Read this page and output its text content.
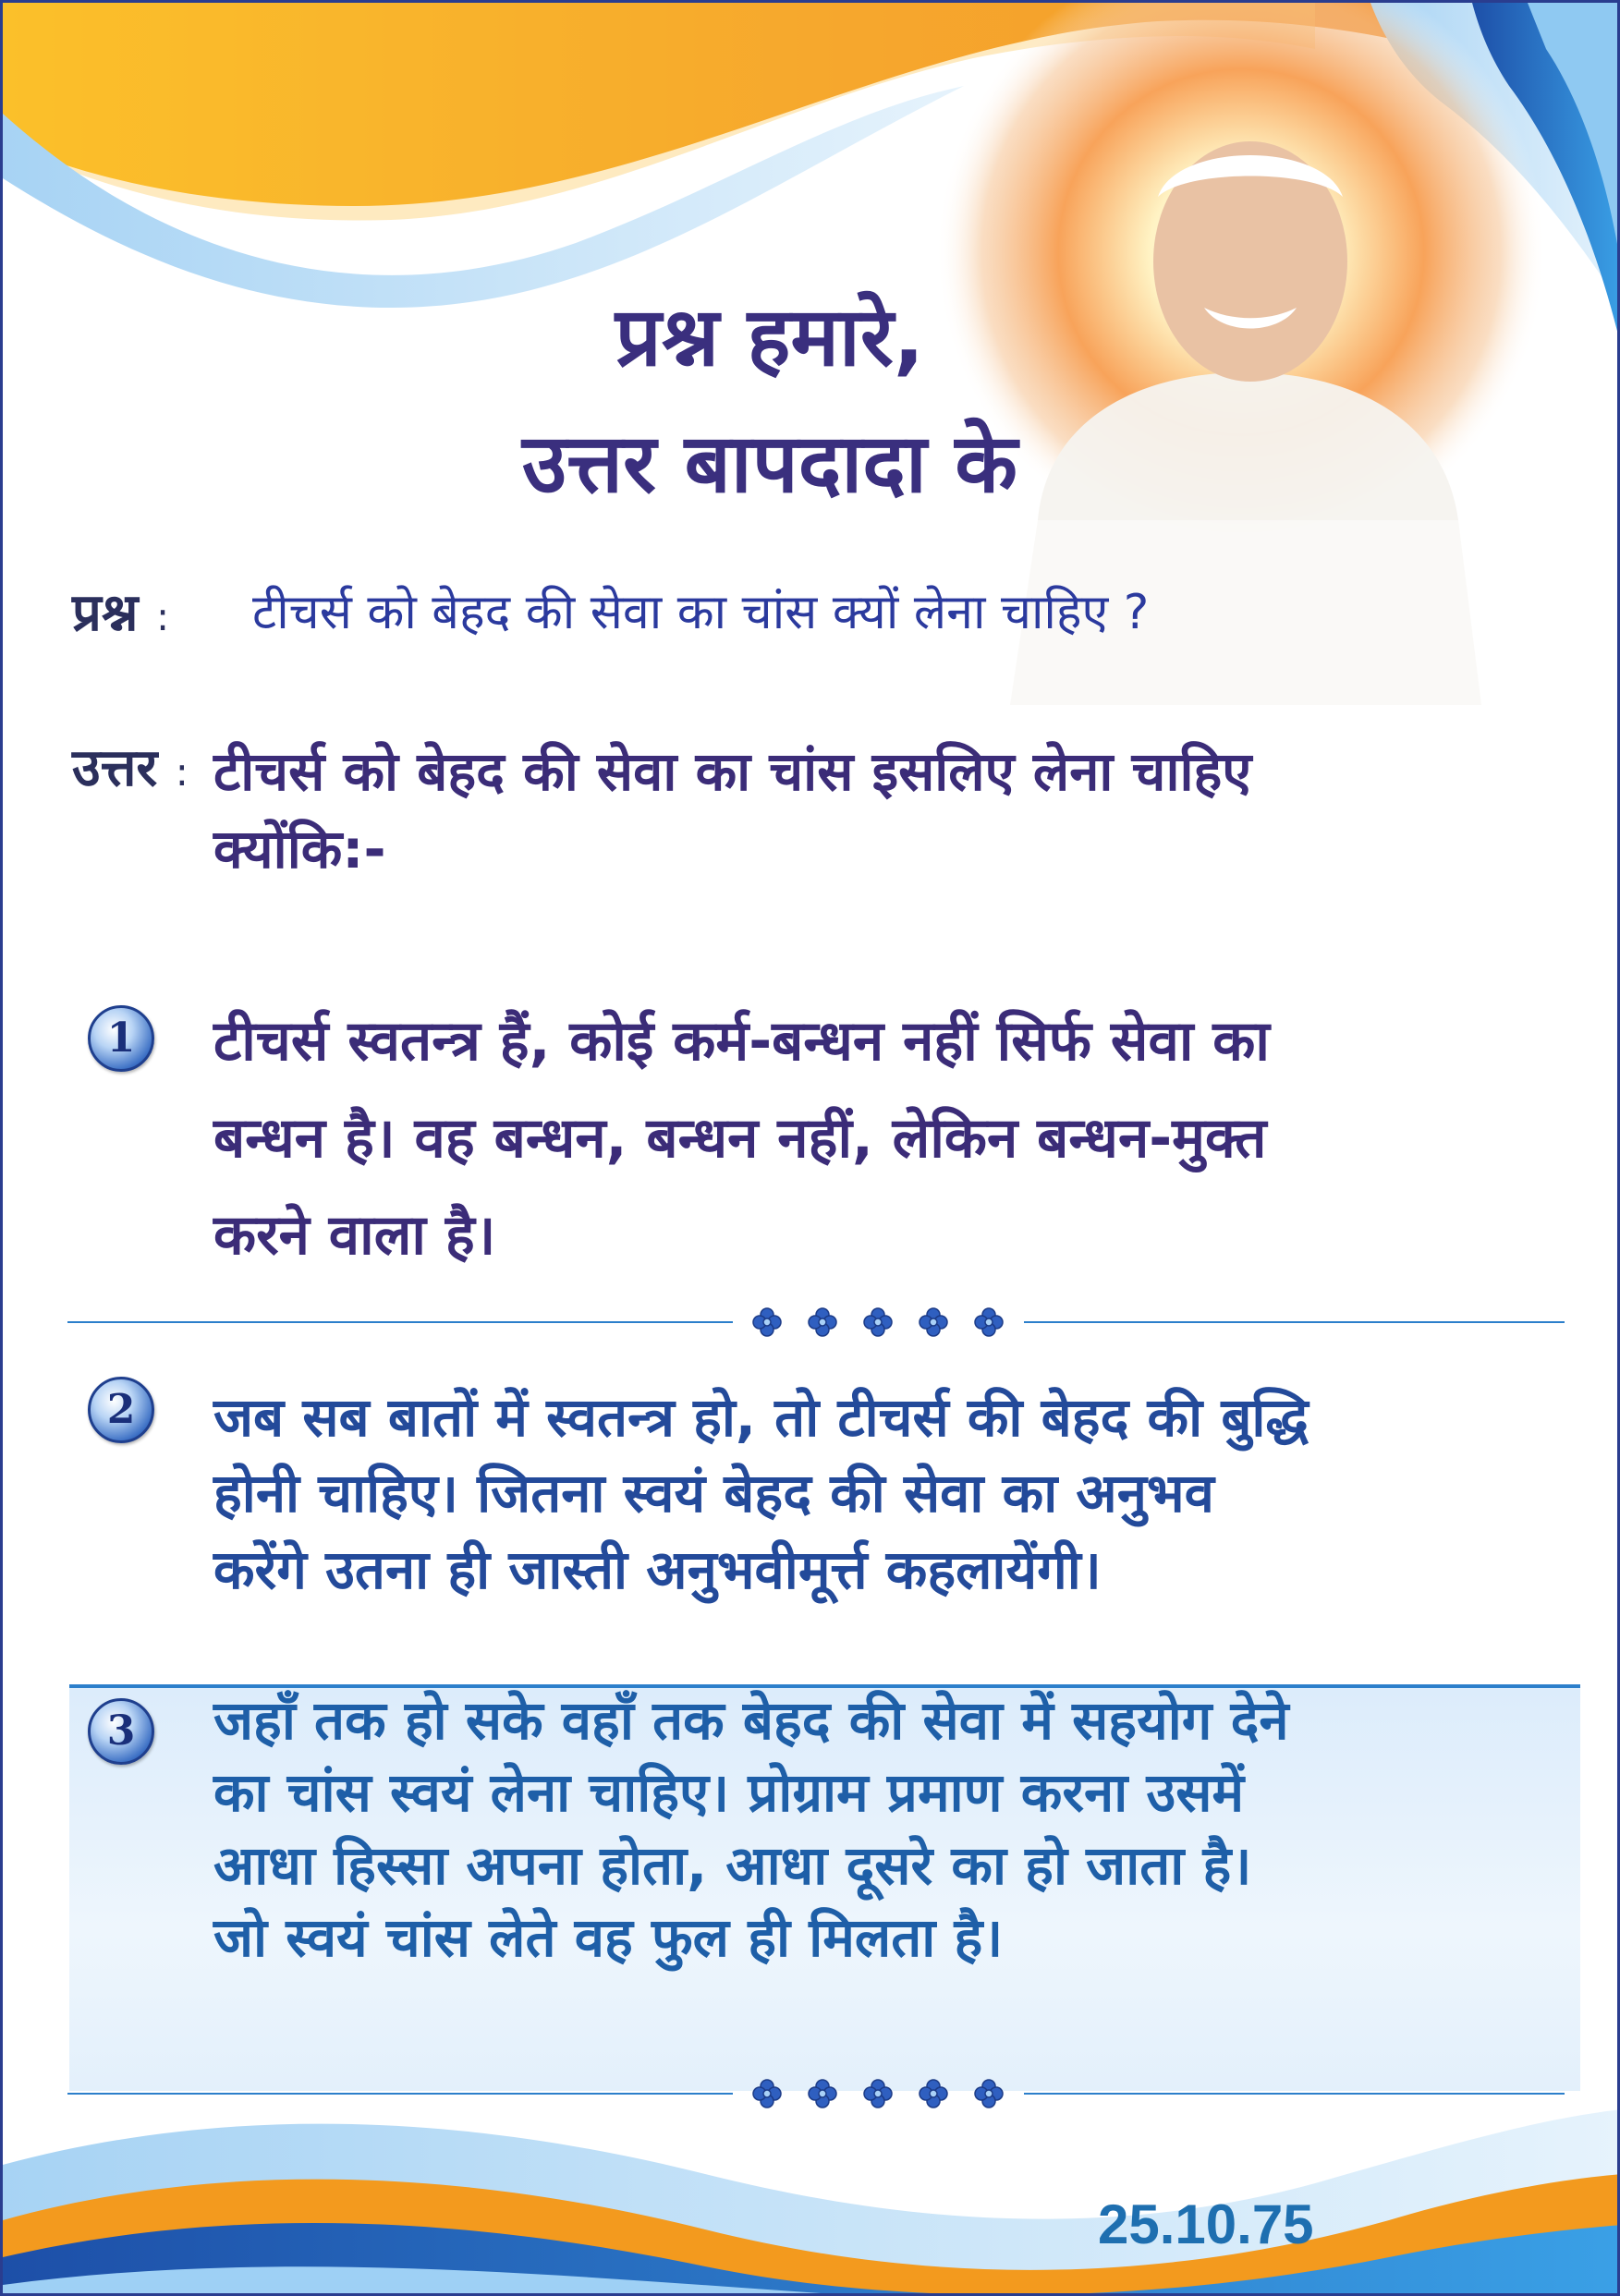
प्रश्न हमारे,
उत्तर बापदादा के
प्रश्न : टीचर्स को बेहद की सेवा का चांस क्यों लेना चाहिए ?
उत्तर : टीचर्स को बेहद की सेवा का चांस इसलिए लेना चाहिए
क्योंकि:-
1	टीचर्स स्वतन्त्र हैं, कोई कर्म-बन्धन नहीं सिर्फ सेवा का
बन्धन है। वह बन्धन, बन्धन नहीं, लेकिन बन्धन-मुक्त
करने वाला है।

2	जब सब बातों में स्वतन्त्र हो, तो टीचर्स की बेहद की बुद्धि
होनी चाहिए। जितना स्वयं बेहद की सेवा का अनुभव
करेंगे उतना ही जास्ती अनुभवीमूर्त्त कहलायेंगी।

3	जहाँ तक हो सके वहाँ तक बेहद की सेवा में सहयोग देने
का चांस स्वयं लेना चाहिए। प्रोग्राम प्रमाण करना उसमें
आधा हिस्सा अपना होता, आधा दूसरे का हो जाता है।
जो स्वयं चांस लेते वह फुल ही मिलता है।

25.10.75
